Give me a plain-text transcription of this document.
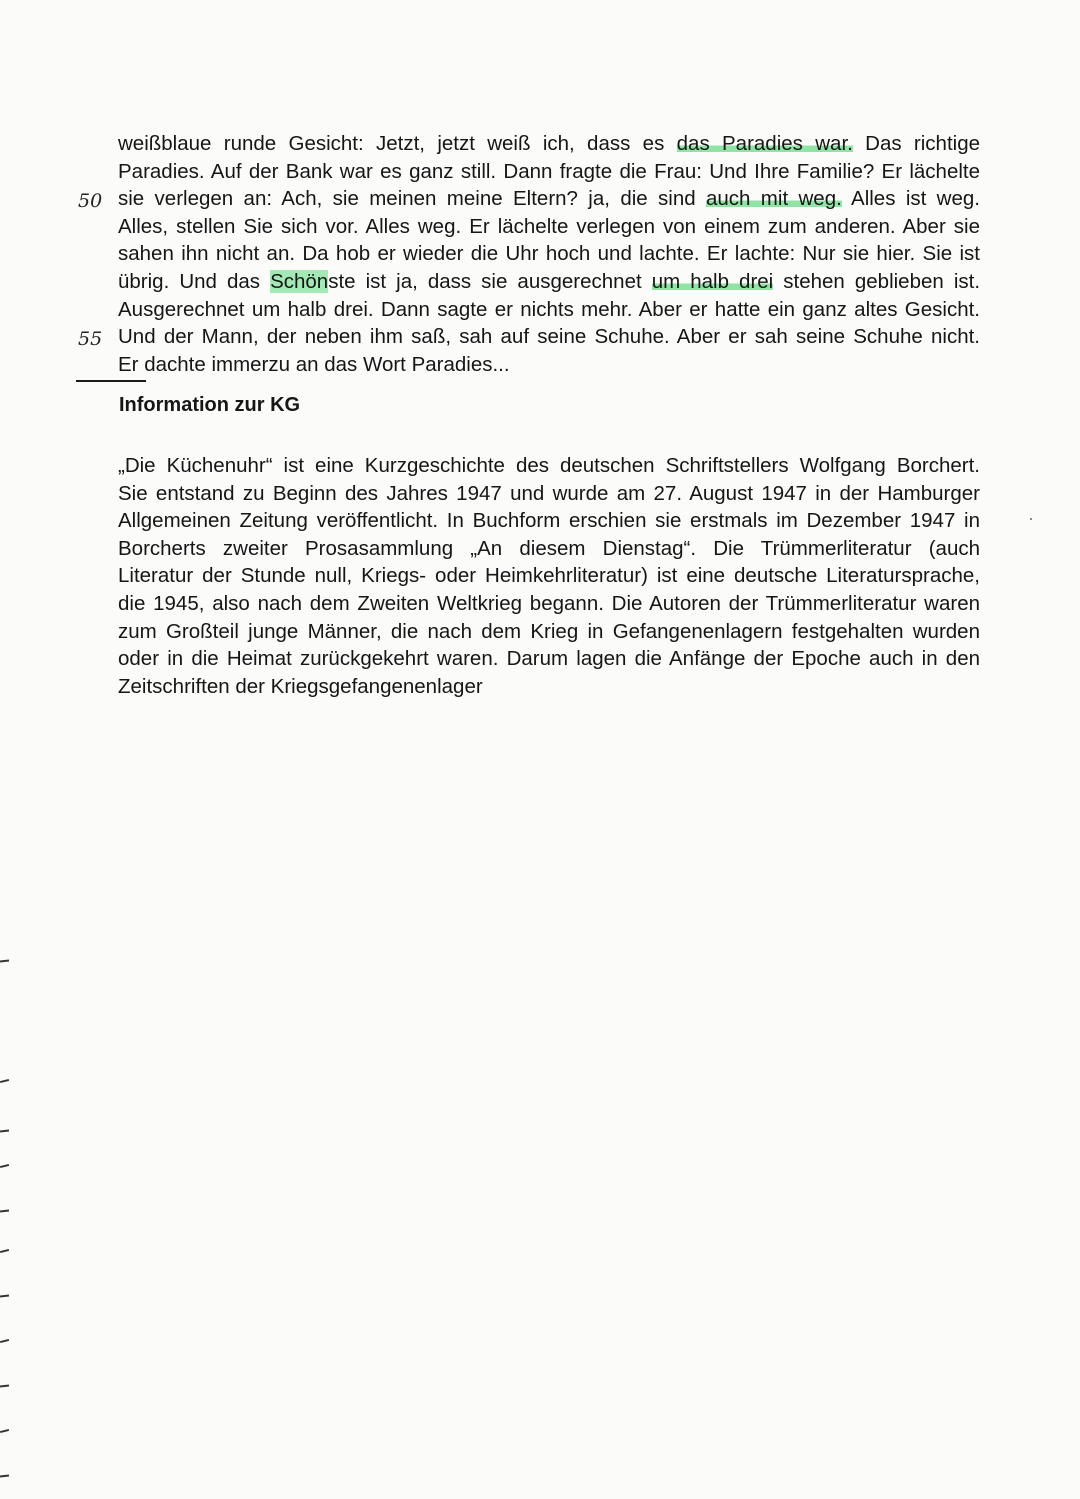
weißblaue runde Gesicht: Jetzt, jetzt weiß ich, dass es das Paradies war. Das richtige
Paradies. Auf der Bank war es ganz still. Dann fragte die Frau: Und Ihre Familie? Er lächelte
sie verlegen an: Ach, sie meinen meine Eltern? ja, die sind auch mit weg. Alles ist weg.
Alles, stellen Sie sich vor. Alles weg. Er lächelte verlegen von einem zum anderen. Aber sie
sahen ihn nicht an. Da hob er wieder die Uhr hoch und lachte. Er lachte: Nur sie hier. Sie ist
übrig. Und das Schönste ist ja, dass sie ausgerechnet um halb drei stehen geblieben ist.
Ausgerechnet um halb drei. Dann sagte er nichts mehr. Aber er hatte ein ganz altes Gesicht.
Und der Mann, der neben ihm saß, sah auf seine Schuhe. Aber er sah seine Schuhe nicht.
Er dachte immerzu an das Wort Paradies...
50
55
Information zur KG
„Die Küchenuhr“ ist eine Kurzgeschichte des deutschen Schriftstellers Wolfgang Borchert.
Sie entstand zu Beginn des Jahres 1947 und wurde am 27. August 1947 in der Hamburger
Allgemeinen Zeitung veröffentlicht. In Buchform erschien sie erstmals im Dezember 1947 in
Borcherts zweiter Prosasammlung „An diesem Dienstag“. Die Trümmerliteratur (auch
Literatur der Stunde null, Kriegs- oder Heimkehrliteratur) ist eine deutsche Literatursprache,
die 1945, also nach dem Zweiten Weltkrieg begann. Die Autoren der Trümmerliteratur waren
zum Großteil junge Männer, die nach dem Krieg in Gefangenenlagern festgehalten wurden
oder in die Heimat zurückgekehrt waren. Darum lagen die Anfänge der Epoche auch in den
Zeitschriften der Kriegsgefangenenlager
